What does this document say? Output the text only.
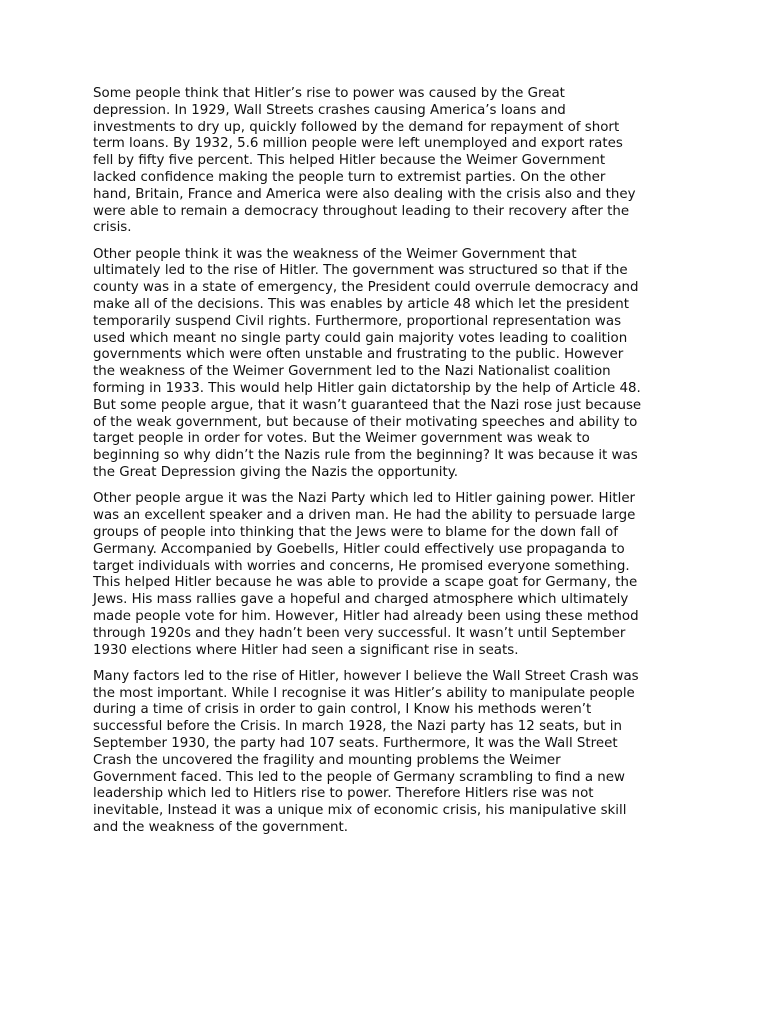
Some people think that Hitler’s rise to power was caused by the Great
depression. In 1929, Wall Streets crashes causing America’s loans and
investments to dry up, quickly followed by the demand for repayment of short
term loans. By 1932, 5.6 million people were left unemployed and export rates
fell by fifty five percent. This helped Hitler because the Weimer Government
lacked confidence making the people turn to extremist parties. On the other
hand, Britain, France and America were also dealing with the crisis also and they
were able to remain a democracy throughout leading to their recovery after the
crisis.

Other people think it was the weakness of the Weimer Government that
ultimately led to the rise of Hitler. The government was structured so that if the
county was in a state of emergency, the President could overrule democracy and
make all of the decisions. This was enables by article 48 which let the president
temporarily suspend Civil rights. Furthermore, proportional representation was
used which meant no single party could gain majority votes leading to coalition
governments which were often unstable and frustrating to the public. However
the weakness of the Weimer Government led to the Nazi Nationalist coalition
forming in 1933. This would help Hitler gain dictatorship by the help of Article 48.
But some people argue, that it wasn’t guaranteed that the Nazi rose just because
of the weak government, but because of their motivating speeches and ability to
target people in order for votes. But the Weimer government was weak to
beginning so why didn’t the Nazis rule from the beginning? It was because it was
the Great Depression giving the Nazis the opportunity.

Other people argue it was the Nazi Party which led to Hitler gaining power. Hitler
was an excellent speaker and a driven man. He had the ability to persuade large
groups of people into thinking that the Jews were to blame for the down fall of
Germany. Accompanied by Goebells, Hitler could effectively use propaganda to
target individuals with worries and concerns, He promised everyone something.
This helped Hitler because he was able to provide a scape goat for Germany, the
Jews. His mass rallies gave a hopeful and charged atmosphere which ultimately
made people vote for him. However, Hitler had already been using these method
through 1920s and they hadn’t been very successful. It wasn’t until September
1930 elections where Hitler had seen a significant rise in seats.

Many factors led to the rise of Hitler, however I believe the Wall Street Crash was
the most important. While I recognise it was Hitler’s ability to manipulate people
during a time of crisis in order to gain control, I Know his methods weren’t
successful before the Crisis. In march 1928, the Nazi party has 12 seats, but in
September 1930, the party had 107 seats. Furthermore, It was the Wall Street
Crash the uncovered the fragility and mounting problems the Weimer
Government faced. This led to the people of Germany scrambling to find a new
leadership which led to Hitlers rise to power. Therefore Hitlers rise was not
inevitable, Instead it was a unique mix of economic crisis, his manipulative skill
and the weakness of the government.
